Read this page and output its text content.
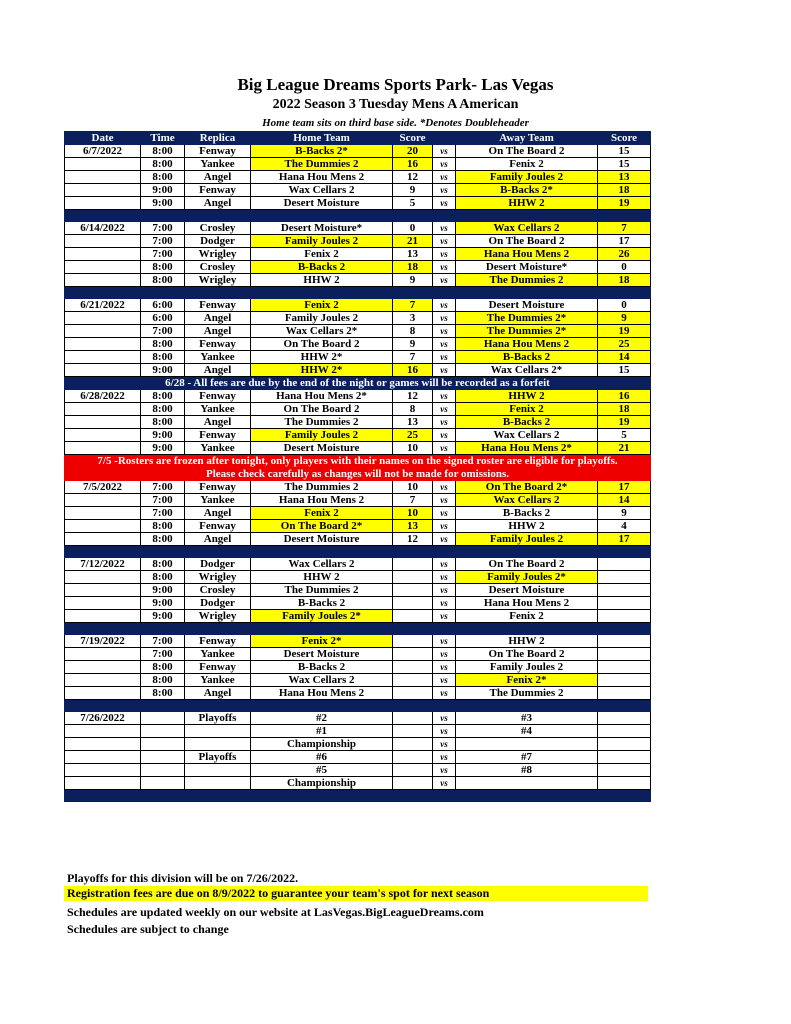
Big League Dreams Sports Park- Las Vegas
2022 Season 3 Tuesday Mens A American
Home team sits on third base side. *Denotes Doubleheader
Date	Time	Replica	Home Team	Score		Away Team	Score
6/7/2022	8:00	Fenway	B-Backs 2*	20	vs	On The Board 2	15
	8:00	Yankee	The Dummies 2	16	vs	Fenix 2	15
	8:00	Angel	Hana Hou Mens 2	12	vs	Family Joules 2	13
	9:00	Fenway	Wax Cellars 2	9	vs	B-Backs 2*	18
	9:00	Angel	Desert Moisture	5	vs	HHW 2	19

6/14/2022	7:00	Crosley	Desert Moisture*	0	vs	Wax Cellars 2	7
	7:00	Dodger	Family Joules 2	21	vs	On The Board 2	17
	7:00	Wrigley	Fenix 2	13	vs	Hana Hou Mens 2	26
	8:00	Crosley	B-Backs 2	18	vs	Desert Moisture*	0
	8:00	Wrigley	HHW 2	9	vs	The Dummies 2	18

6/21/2022	6:00	Fenway	Fenix 2	7	vs	Desert Moisture	0
	6:00	Angel	Family Joules 2	3	vs	The Dummies 2*	9
	7:00	Angel	Wax Cellars 2*	8	vs	The Dummies 2*	19
	8:00	Fenway	On The Board 2	9	vs	Hana Hou Mens 2	25
	8:00	Yankee	HHW 2*	7	vs	B-Backs 2	14
	9:00	Angel	HHW 2*	16	vs	Wax Cellars 2*	15
6/28 - All fees are due by the end of the night or games will be recorded as a forfeit							
6/28/2022	8:00	Fenway	Hana Hou Mens 2*	12	vs	HHW 2	16
	8:00	Yankee	On The Board 2	8	vs	Fenix 2	18
	8:00	Angel	The Dummies 2	13	vs	B-Backs 2	19
	9:00	Fenway	Family Joules 2	25	vs	Wax Cellars 2	5
	9:00	Yankee	Desert Moisture	10	vs	Hana Hou Mens 2*	21
7/5 -Rosters are frozen after tonight, only players with their names on the signed roster are eligible for playoffs.							
Please check carefully as changes will not be made for omissions.							
7/5/2022	7:00	Fenway	The Dummies 2	10	vs	On The Board 2*	17
	7:00	Yankee	Hana Hou Mens 2	7	vs	Wax Cellars 2	14
	7:00	Angel	Fenix 2	10	vs	B-Backs 2	9
	8:00	Fenway	On The Board 2*	13	vs	HHW 2	4
	8:00	Angel	Desert Moisture	12	vs	Family Joules 2	17

7/12/2022	8:00	Dodger	Wax Cellars 2		vs	On The Board 2	
	8:00	Wrigley	HHW 2		vs	Family Joules 2*	
	9:00	Crosley	The Dummies 2		vs	Desert Moisture	
	9:00	Dodger	B-Backs 2		vs	Hana Hou Mens 2	
	9:00	Wrigley	Family Joules 2*		vs	Fenix 2	

7/19/2022	7:00	Fenway	Fenix 2*		vs	HHW 2	
	7:00	Yankee	Desert Moisture		vs	On The Board 2	
	8:00	Fenway	B-Backs 2		vs	Family Joules 2	
	8:00	Yankee	Wax Cellars 2		vs	Fenix 2*	
	8:00	Angel	Hana Hou Mens 2		vs	The Dummies 2	

7/26/2022		Playoffs	#2		vs	#3	
			#1		vs	#4	
			Championship		vs		
		Playoffs	#6		vs	#7	
			#5		vs	#8	
			Championship		vs		

Playoffs for this division will be on 7/26/2022.
Registration fees are due on 8/9/2022 to guarantee your team's spot for next season
Schedules are updated weekly on our website at LasVegas.BigLeagueDreams.com
Schedules are subject to change
